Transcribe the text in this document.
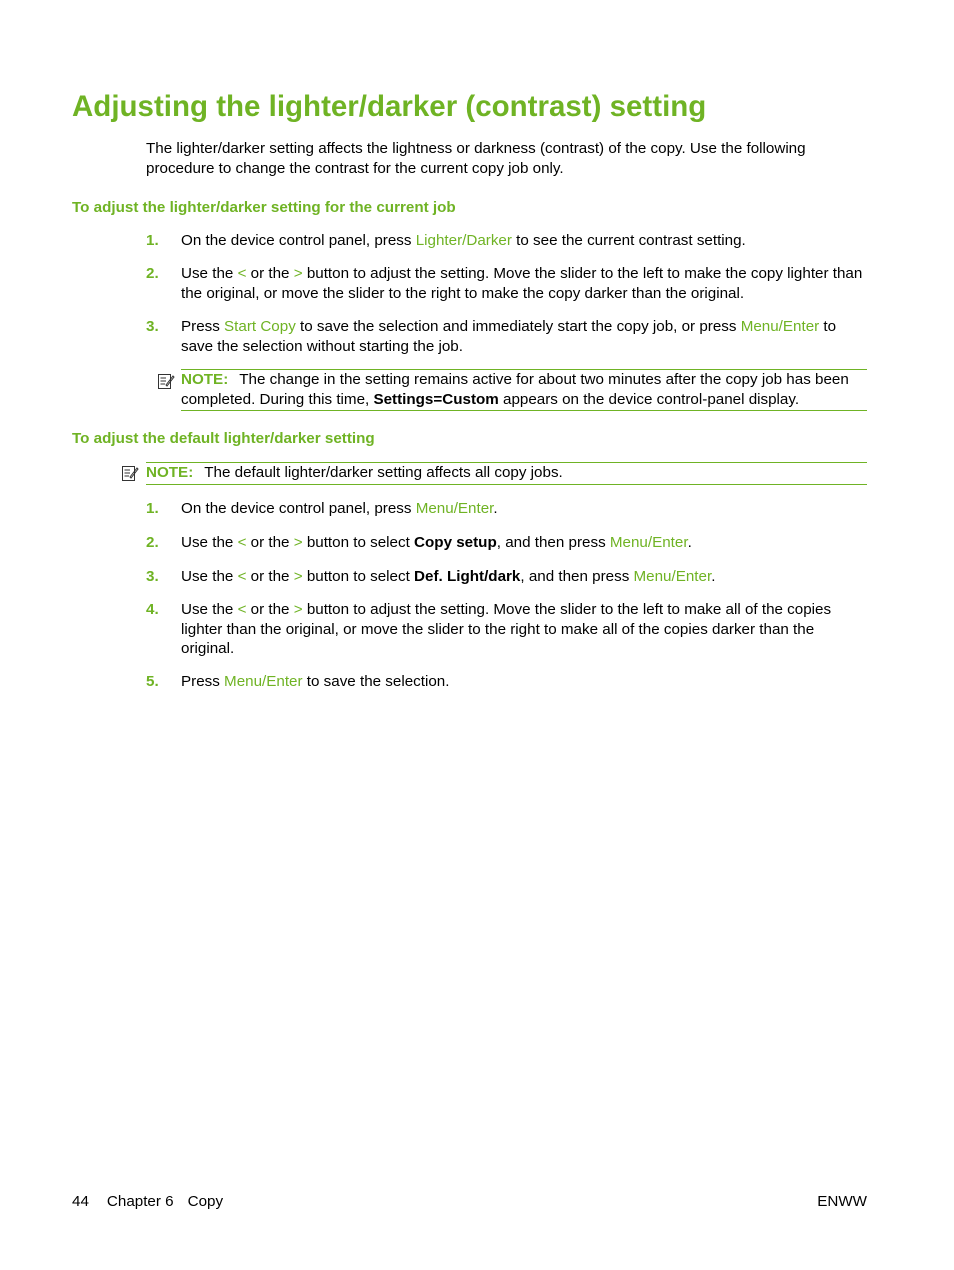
Adjusting the lighter/darker (contrast) setting

The lighter/darker setting affects the lightness or darkness (contrast) of the copy. Use the following procedure to change the contrast for the current copy job only.

To adjust the lighter/darker setting for the current job
1. On the device control panel, press Lighter/Darker to see the current contrast setting.
2. Use the < or the > button to adjust the setting. Move the slider to the left to make the copy lighter than the original, or move the slider to the right to make the copy darker than the original.
3. Press Start Copy to save the selection and immediately start the copy job, or press Menu/Enter to save the selection without starting the job.
NOTE: The change in the setting remains active for about two minutes after the copy job has been completed. During this time, Settings=Custom appears on the device control-panel display.
To adjust the default lighter/darker setting
NOTE: The default lighter/darker setting affects all copy jobs.
1. On the device control panel, press Menu/Enter.
2. Use the < or the > button to select Copy setup, and then press Menu/Enter.
3. Use the < or the > button to select Def. Light/dark, and then press Menu/Enter.
4. Use the < or the > button to adjust the setting. Move the slider to the left to make all of the copies lighter than the original, or move the slider to the right to make all of the copies darker than the original.
5. Press Menu/Enter to save the selection.
44 Chapter 6 Copy	ENWW
